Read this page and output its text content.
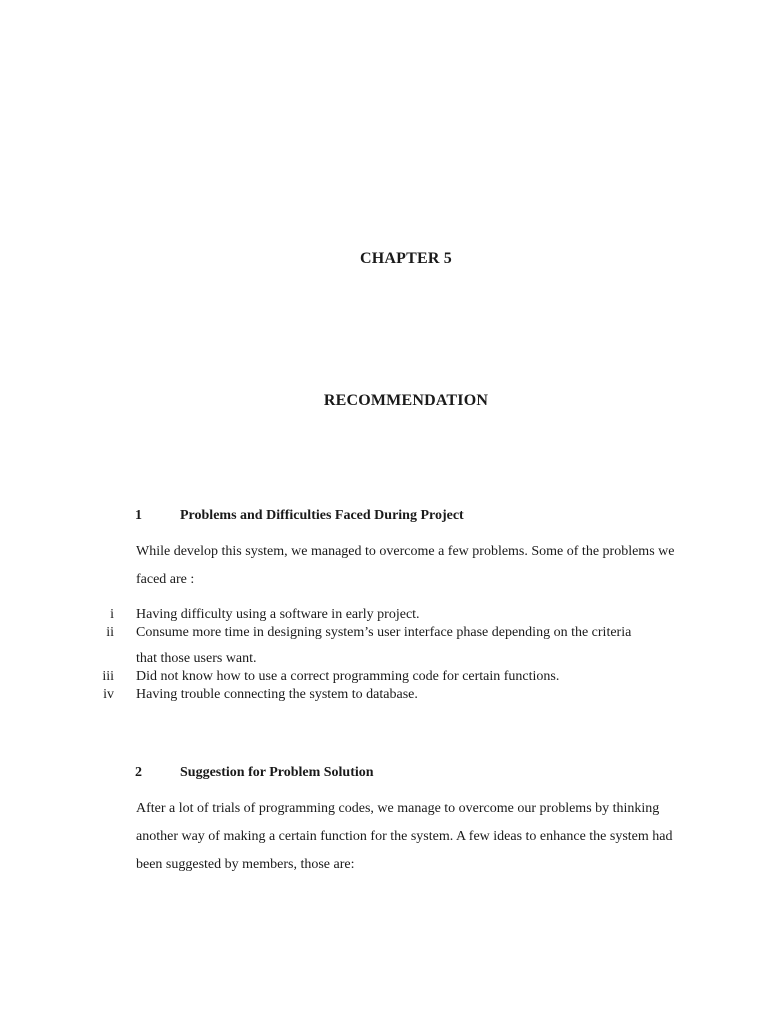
CHAPTER 5
RECOMMENDATION
1	Problems and Difficulties Faced During Project

While develop this system, we managed to overcome a few problems. Some of the problems we faced are :

i Having difficulty using a software in early project.
ii Consume more time in designing system’s user interface phase depending on the criteria
that those users want.
iii Did not know how to use a correct programming code for certain functions.
iv Having trouble connecting the system to database.
2	Suggestion for Problem Solution

After a lot of trials of programming codes, we manage to overcome our problems by thinking another way of making a certain function for the system. A few ideas to enhance the system had been suggested by members, those are:
